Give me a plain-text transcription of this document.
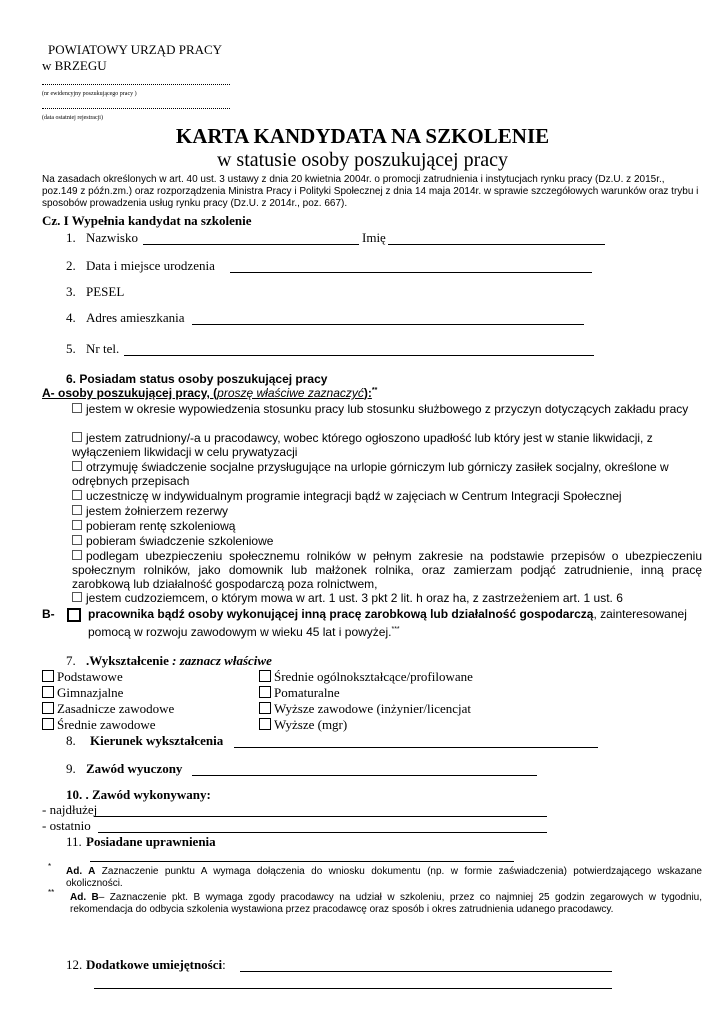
POWIATOWY URZĄD PRACY
w BRZEGU
(nr ewidencyjny poszukującego pracy )
(data ostatniej rejestracji)
KARTA KANDYDATA NA SZKOLENIE
w statusie osoby poszukującej pracy
Na zasadach określonych w art. 40 ust. 3 ustawy z dnia 20 kwietnia 2004r. o promocji zatrudnienia i instytucjach rynku pracy (Dz.U. z 2015r., poz.149 z późn.zm.) oraz rozporządzenia Ministra Pracy i Polityki Społecznej z dnia 14 maja 2014r. w sprawie szczegółowych warunków oraz trybu i sposobów prowadzenia usług rynku pracy (Dz.U. z 2014r., poz. 667).
Cz. I Wypełnia kandydat na szkolenie
1. Nazwisko	Imię
2. Data i miejsce urodzenia
3. PESEL
4. Adres amieszkania
5. Nr tel.
6. Posiadam status osoby poszukującej pracy
A- osoby poszukującej pracy, (proszę właściwe zaznaczyć):**
jestem w okresie wypowiedzenia stosunku pracy lub stosunku służbowego z przyczyn dotyczących zakładu pracy
jestem zatrudniony/-a u pracodawcy, wobec którego ogłoszono upadłość lub który jest w stanie likwidacji, z wyłączeniem likwidacji w celu prywatyzacji
otrzymuję świadczenie socjalne przysługujące na urlopie górniczym lub górniczy zasiłek socjalny, określone w odrębnych przepisach
uczestniczę w indywidualnym programie integracji bądź w zajęciach w Centrum Integracji Społecznej
jestem żołnierzem rezerwy
pobieram rentę szkoleniową
pobieram świadczenie szkoleniowe
podlegam ubezpieczeniu społecznemu rolników w pełnym zakresie na podstawie przepisów o ubezpieczeniu społecznym rolników, jako domownik lub małżonek rolnika, oraz zamierzam podjąć zatrudnienie, inną pracę zarobkową lub działalność gospodarczą poza rolnictwem,
jestem cudzoziemcem, o którym mowa w art. 1 ust. 3 pkt 2 lit. h oraz ha, z zastrzeżeniem art. 1 ust. 6
B-	pracownika bądź osoby wykonującej inną pracę zarobkową lub działalność gospodarczą, zainteresowanej pomocą w rozwoju zawodowym w wieku 45 lat i powyżej.***
7. .Wykształcenie : zaznacz właściwe
Podstawowe
Gimnazjalne
Zasadnicze zawodowe
Średnie zawodowe
Średnie ogólnokształcące/profilowane
Pomaturalne
Wyższe zawodowe (inżynier/licencjat
Wyższe (mgr)
8. Kierunek wykształcenia
9. Zawód wyuczony
10. . Zawód wykonywany:
- najdłużej
- ostatnio
11. Posiadane uprawnienia
* Ad. A Zaznaczenie punktu A wymaga dołączenia do wniosku dokumentu (np. w formie zaświadczenia) potwierdzającego wskazane okoliczności.
** Ad. B– Zaznaczenie pkt. B wymaga zgody pracodawcy na udział w szkoleniu, przez co najmniej 25 godzin zegarowych w tygodniu, rekomendacja do odbycia szkolenia wystawiona przez pracodawcę oraz sposób i okres zatrudnienia udanego pracodawcy.
12. Dodatkowe umiejętności:
